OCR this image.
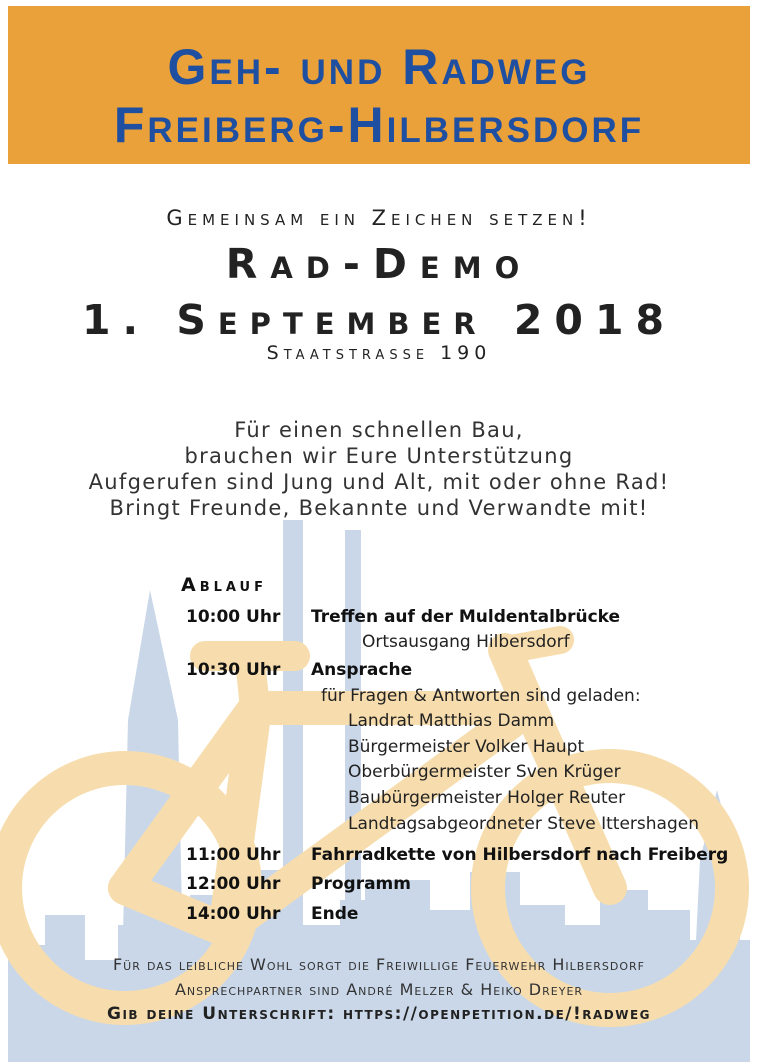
Geh- und Radweg
Freiberg-Hilbersdorf
Gemeinsam ein Zeichen setzen!
Rad-Demo
1. September 2018
Staatstrasse 190
Für einen schnellen Bau,
brauchen wir Eure Unterstützung
Aufgerufen sind Jung und Alt, mit oder ohne Rad!
Bringt Freunde, Bekannte und Verwandte mit!
Ablauf
10:00 Uhr Treffen auf der Muldentalbrücke
Ortsausgang Hilbersdorf
10:30 Uhr Ansprache
für Fragen & Antworten sind geladen:
Landrat Matthias Damm
Bürgermeister Volker Haupt
Oberbürgermeister Sven Krüger
Baubürgermeister Holger Reuter
Landtagsabgeordneter Steve Ittershagen
11:00 Uhr Fahrradkette von Hilbersdorf nach Freiberg
12:00 Uhr Programm
14:00 Uhr Ende
Für das leibliche Wohl sorgt die Freiwillige Feuerwehr Hilbersdorf
Ansprechpartner sind André Melzer & Heiko Dreyer
Gib deine Unterschrift: https://openpetition.de/!radweg
